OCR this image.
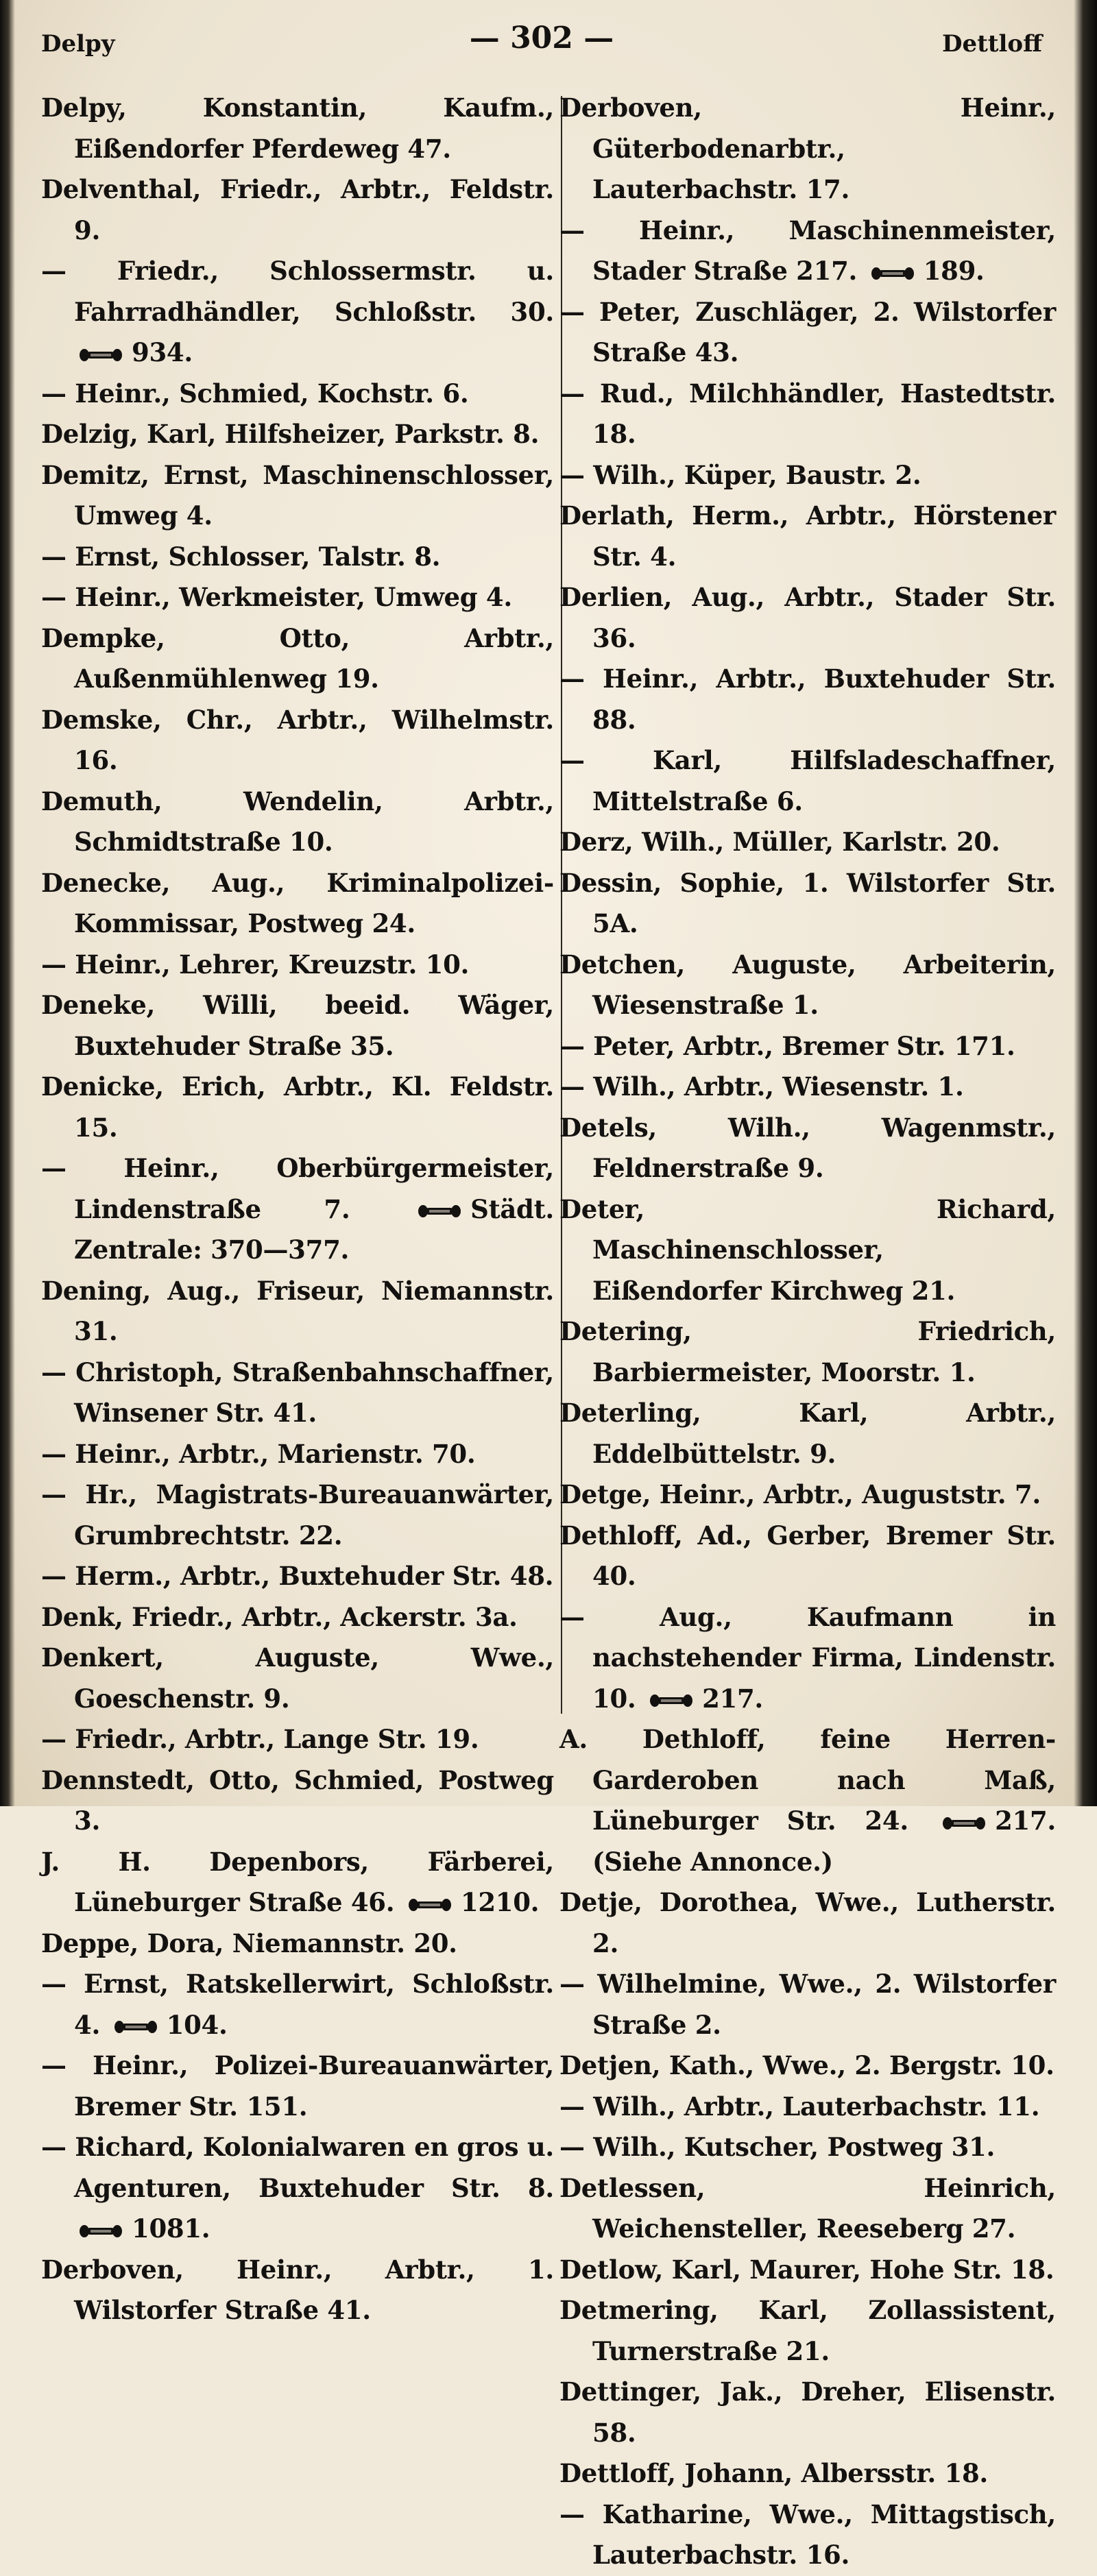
Delpy	— 302 —	Dettloff

Delpy, Konstantin, Kaufm., Eißendorfer Pferdeweg 47.

Delventhal, Friedr., Arbtr., Feldstr. 9.

— Friedr., Schlossermstr. u. Fahrradhändler, Schloßstr. 30.
934.

— Heinr., Schmied, Kochstr. 6.

Delzig, Karl, Hilfsheizer, Parkstr. 8.

Demitz, Ernst, Maschinenschlosser, Umweg 4.

— Ernst, Schlosser, Talstr. 8.

— Heinr., Werkmeister, Umweg 4.

Dempke, Otto, Arbtr., Außenmühlenweg 19.

Demske, Chr., Arbtr., Wilhelmstr. 16.

Demuth, Wendelin, Arbtr., Schmidtstraße 10.

Denecke, Aug., Kriminalpolizei-Kommissar, Postweg 24.

— Heinr., Lehrer, Kreuzstr. 10.

Deneke, Willi, beeid. Wäger, Buxtehuder Straße 35.

Denicke, Erich, Arbtr., Kl. Feldstr. 15.

— Heinr., Oberbürgermeister, Lindenstraße 7.	Städt. Zentrale: 370—377.

Dening, Aug., Friseur, Niemannstr. 31.

— Christoph, Straßenbahnschaffner, Winsener Str. 41.

— Heinr., Arbtr., Marienstr. 70.

— Hr., Magistrats-Bureauanwärter, Grumbrechtstr. 22.

— Herm., Arbtr., Buxtehuder Str. 48.

Denk, Friedr., Arbtr., Ackerstr. 3a.

Denkert, Auguste, Wwe., Goeschenstr. 9.

— Friedr., Arbtr., Lange Str. 19.

Dennstedt, Otto, Schmied, Postweg 3.

J. H. Depenbors, Färberei, Lüneburger Straße 46.	1210.

Deppe, Dora, Niemannstr. 20.

— Ernst, Ratskellerwirt, Schloßstr. 4.	104.

— Heinr., Polizei-Bureauanwärter, Bremer Str. 151.

— Richard, Kolonialwaren en gros u. Agenturen, Buxtehuder Str. 8.
1081.

Derboven, Heinr., Arbtr., 1. Wilstorfer Straße 41.

Derboven, Heinr., Güterbodenarbtr., Lauterbachstr. 17.

— Heinr., Maschinenmeister, Stader Straße 217.	189.

— Peter, Zuschläger, 2. Wilstorfer Straße 43.

— Rud., Milchhändler, Hastedtstr. 18.

— Wilh., Küper, Baustr. 2.

Derlath, Herm., Arbtr., Hörstener Str. 4.

Derlien, Aug., Arbtr., Stader Str. 36.

— Heinr., Arbtr., Buxtehuder Str. 88.

— Karl, Hilfsladeschaffner, Mittelstraße 6.

Derz, Wilh., Müller, Karlstr. 20.

Dessin, Sophie, 1. Wilstorfer Str. 5A.

Detchen, Auguste, Arbeiterin, Wiesenstraße 1.

— Peter, Arbtr., Bremer Str. 171.

— Wilh., Arbtr., Wiesenstr. 1.

Detels, Wilh., Wagenmstr., Feldnerstraße 9.

Deter, Richard, Maschinenschlosser, Eißendorfer Kirchweg 21.

Detering, Friedrich, Barbiermeister, Moorstr. 1.

Deterling, Karl, Arbtr., Eddelbüttelstr. 9.

Detge, Heinr., Arbtr., Auguststr. 7.

Dethloff, Ad., Gerber, Bremer Str. 40.

— Aug., Kaufmann in nachstehender Firma, Lindenstr. 10.	217.

A. Dethloff, feine Herren-Garderoben nach Maß, Lüneburger Str. 24.	217. (Siehe Annonce.)

Detje, Dorothea, Wwe., Lutherstr. 2.

— Wilhelmine, Wwe., 2. Wilstorfer Straße 2.

Detjen, Kath., Wwe., 2. Bergstr. 10.

— Wilh., Arbtr., Lauterbachstr. 11.

— Wilh., Kutscher, Postweg 31.

Detlessen, Heinrich, Weichensteller, Reeseberg 27.

Detlow, Karl, Maurer, Hohe Str. 18.

Detmering, Karl, Zollassistent, Turnerstraße 21.

Dettinger, Jak., Dreher, Elisenstr. 58.

Dettloff, Johann, Albersstr. 18.

— Katharine, Wwe., Mittagstisch, Lauterbachstr. 16.
